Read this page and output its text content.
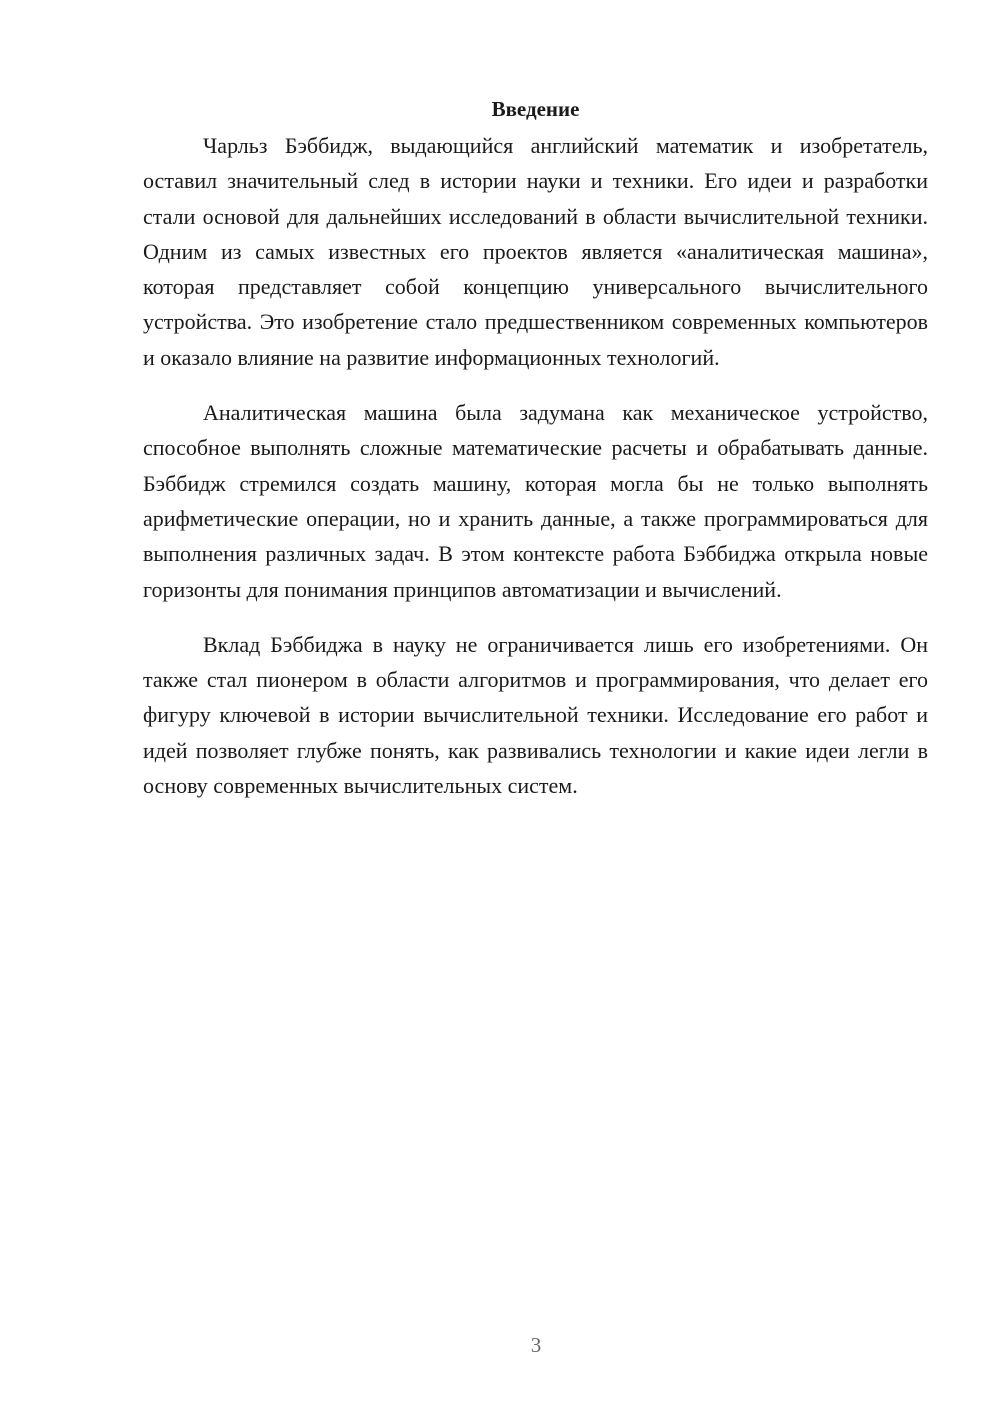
Введение

Чарльз Бэббидж, выдающийся английский математик и изобретатель, оставил значительный след в истории науки и техники. Его идеи и разработки стали основой для дальнейших исследований в области вычислительной техники. Одним из самых известных его проектов является «аналитическая машина», которая представляет собой концепцию универсального вычислительного устройства. Это изобретение стало предшественником современных компьютеров и оказало влияние на развитие информационных технологий.

Аналитическая машина была задумана как механическое устройство, способное выполнять сложные математические расчеты и обрабатывать данные. Бэббидж стремился создать машину, которая могла бы не только выполнять арифметические операции, но и хранить данные, а также программироваться для выполнения различных задач. В этом контексте работа Бэббиджа открыла новые горизонты для понимания принципов автоматизации и вычислений.

Вклад Бэббиджа в науку не ограничивается лишь его изобретениями. Он также стал пионером в области алгоритмов и программирования, что делает его фигуру ключевой в истории вычислительной техники. Исследование его работ и идей позволяет глубже понять, как развивались технологии и какие идеи легли в основу современных вычислительных систем.

3
